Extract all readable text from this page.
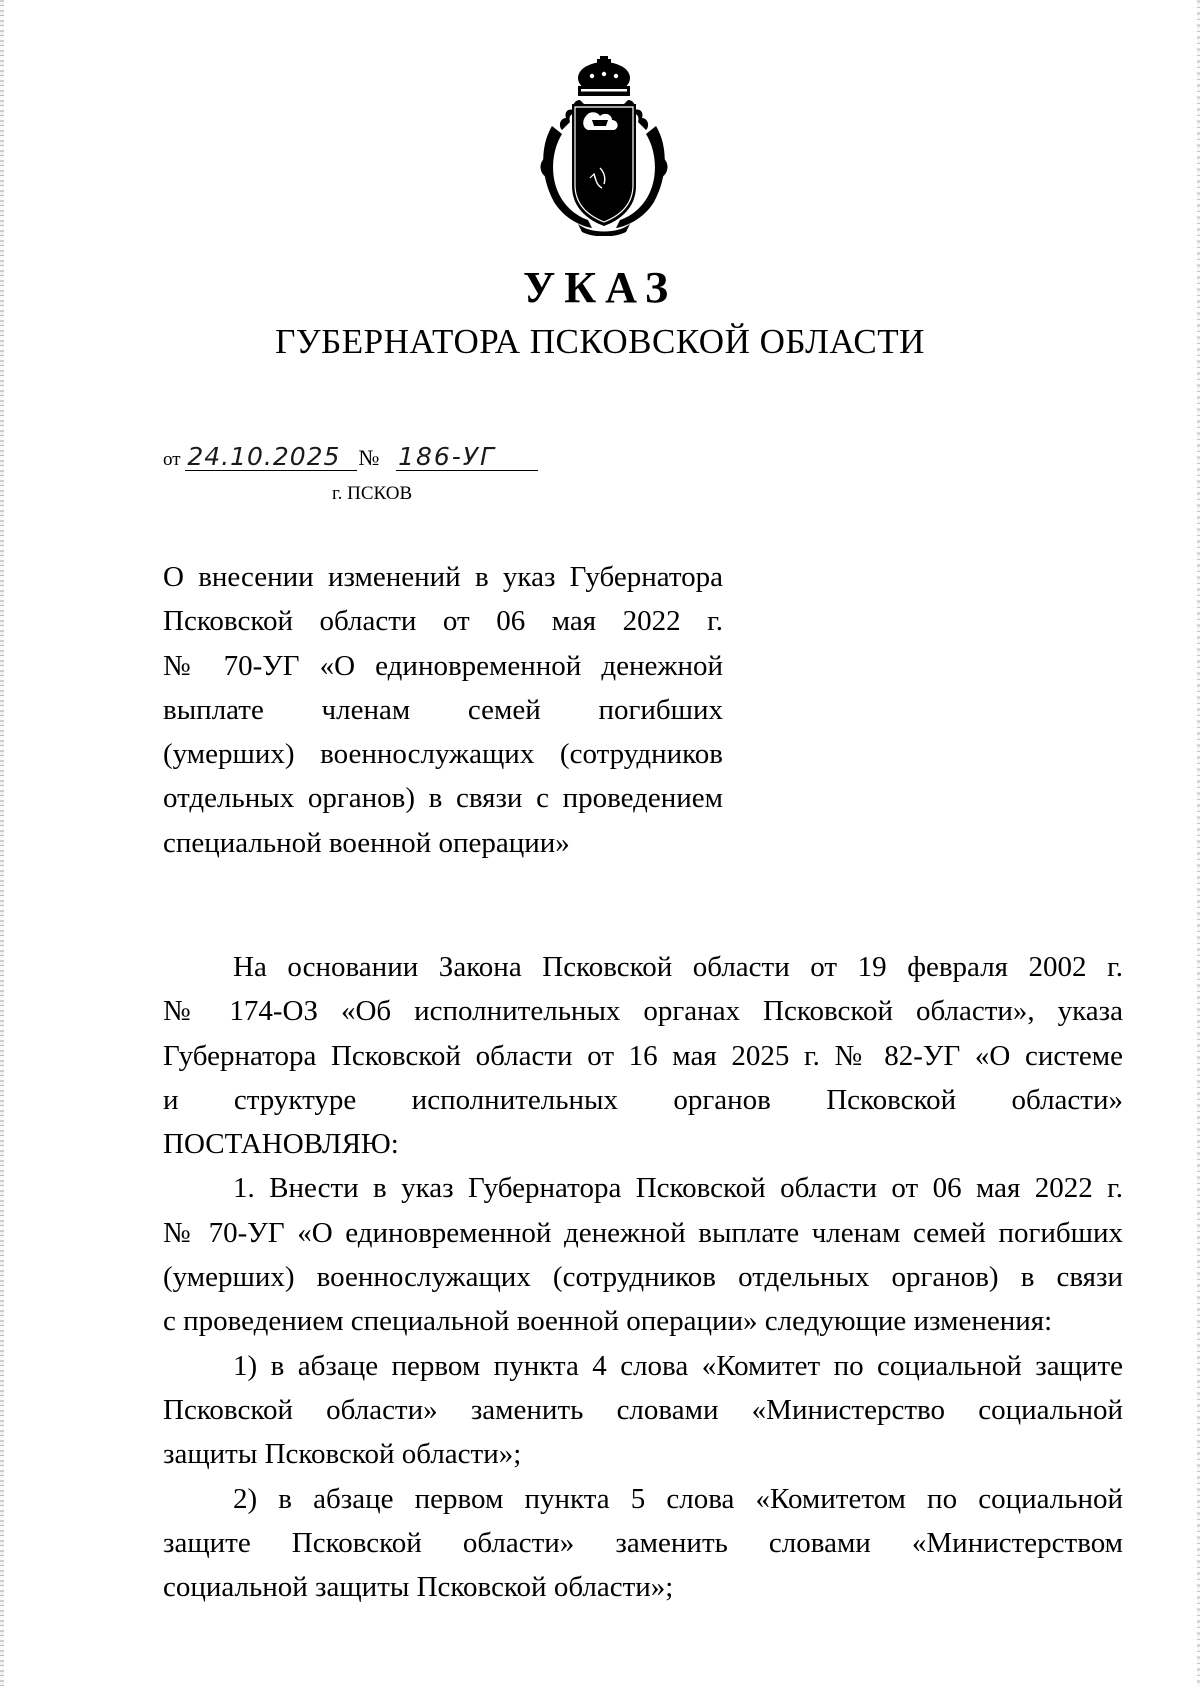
УКАЗ
ГУБЕРНАТОРА ПСКОВСКОЙ ОБЛАСТИ
от 24.10.2025 № 186-УГ
г. ПСКОВ
О внесении изменений в указ Губернатора
Псковской области от 06 мая 2022 г.
№ 70-УГ «О единовременной денежной
выплате членам семей погибших
(умерших) военнослужащих (сотрудников
отдельных органов) в связи с проведением
специальной военной операции»
На основании Закона Псковской области от 19 февраля 2002 г.
№ 174-ОЗ «Об исполнительных органах Псковской области», указа
Губернатора Псковской области от 16 мая 2025 г. № 82-УГ «О системе
и структуре исполнительных органов Псковской области»
ПОСТАНОВЛЯЮ:
1. Внести в указ Губернатора Псковской области от 06 мая 2022 г.
№ 70-УГ «О единовременной денежной выплате членам семей погибших
(умерших) военнослужащих (сотрудников отдельных органов) в связи
с проведением специальной военной операции» следующие изменения:
1) в абзаце первом пункта 4 слова «Комитет по социальной защите
Псковской области» заменить словами «Министерство социальной
защиты Псковской области»;
2) в абзаце первом пункта 5 слова «Комитетом по социальной
защите Псковской области» заменить словами «Министерством
социальной защиты Псковской области»;
